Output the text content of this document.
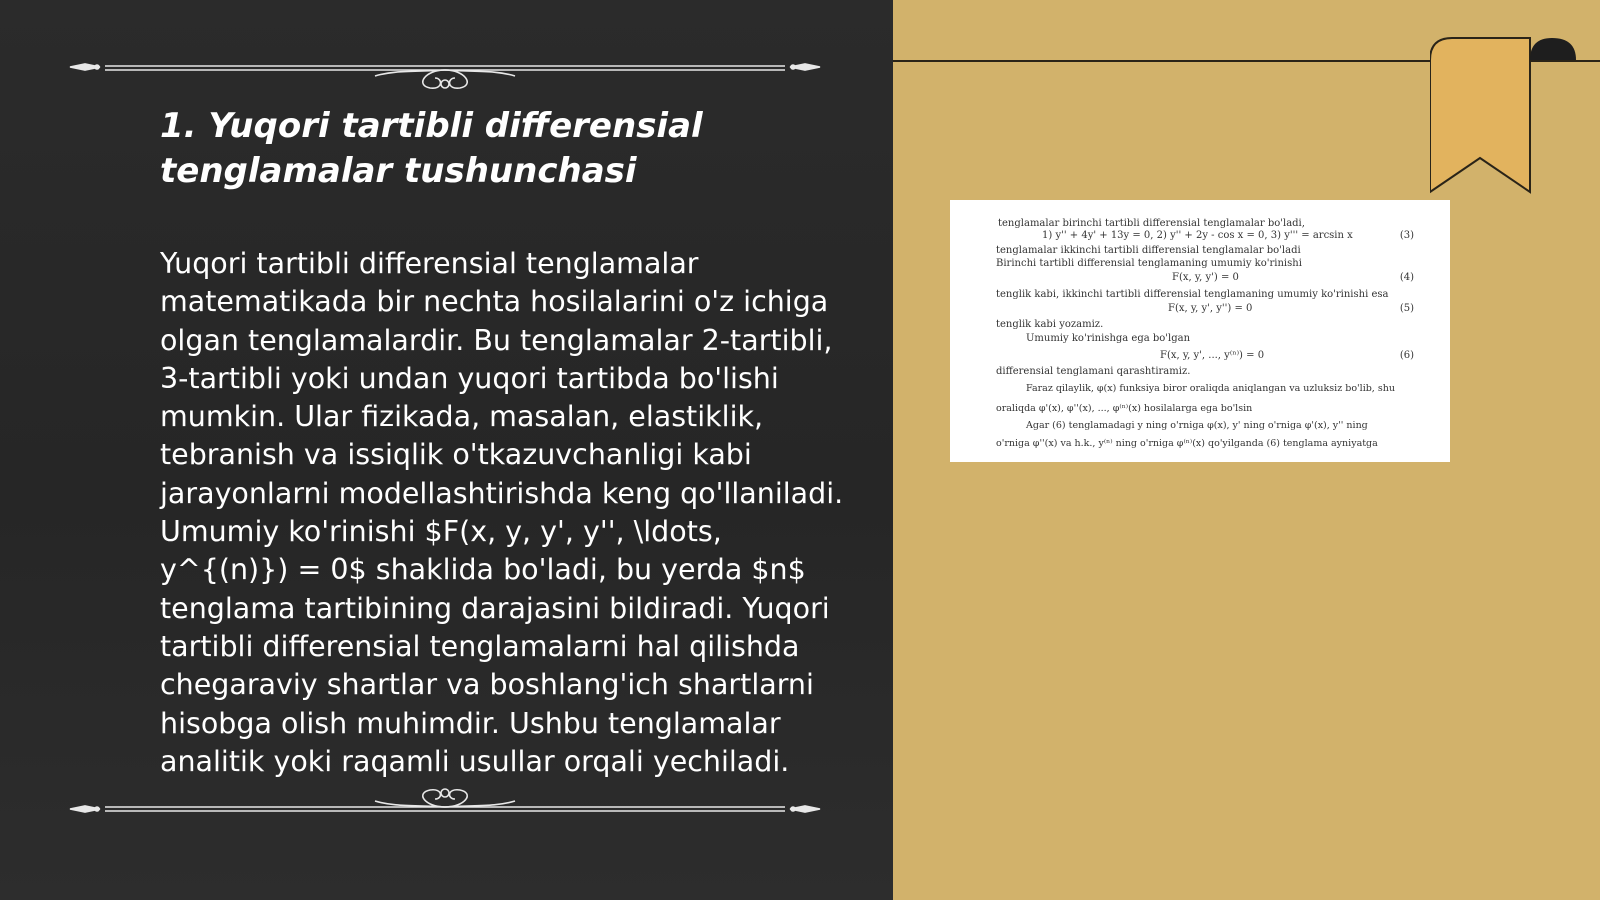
1. Yuqori tartibli differensial tenglamalar tushunchasi

Yuqori tartibli differensial tenglamalar matematikada bir nechta hosilalarini o'z ichiga olgan tenglamalardir. Bu tenglamalar 2-tartibli, 3-tartibli yoki undan yuqori tartibda bo'lishi mumkin. Ular fizikada, masalan, elastiklik, tebranish va issiqlik o'tkazuvchanligi kabi jarayonlarni modellashtirishda keng qo'llaniladi. Umumiy ko'rinishi $F(x, y, y', y'', \ldots, y^{(n)}) = 0$ shaklida bo'ladi, bu yerda $n$ tenglama tartibining darajasini bildiradi. Yuqori tartibli differensial tenglamalarni hal qilishda chegaraviy shartlar va boshlang'ich shartlarni hisobga olish muhimdir. Ushbu tenglamalar analitik yoki raqamli usullar orqali yechiladi.

tenglamalar birinchi tartibli differensial tenglamalar bo'ladi,
1) y'' + 4y' + 13y = 0, 2) y'' + 2y - cos x = 0, 3) y''' = arcsin x
tenglamalar ikkinchi tartibli differensial tenglamalar bo'ladi
Birinchi tartibli differensial tenglamaning umumiy ko'rinishi
F(x, y, y') = 0
tenglik kabi, ikkinchi tartibli differensial tenglamaning umumiy ko'rinishi esa
F(x, y, y', y'') = 0
tenglik kabi yozamiz.
Umumiy ko'rinishga ega bo'lgan
F(x, y, y', ..., y⁽ⁿ⁾) = 0
differensial tenglamani qarashtiramiz.
Faraz qilaylik, φ(x) funksiya biror oraliqda aniqlangan va uzluksiz bo'lib, shu
oraliqda φ'(x), φ''(x), ..., φ⁽ⁿ⁾(x) hosilalarga ega bo'lsin
Agar (6) tenglamadagi y ning o'rniga φ(x), y' ning o'rniga φ'(x), y'' ning
o'rniga φ''(x) va h.k., y⁽ⁿ⁾ ning o'rniga φ⁽ⁿ⁾(x) qo'yilganda (6) tenglama ayniyatga
(3)
(4)
(5)
(6)
